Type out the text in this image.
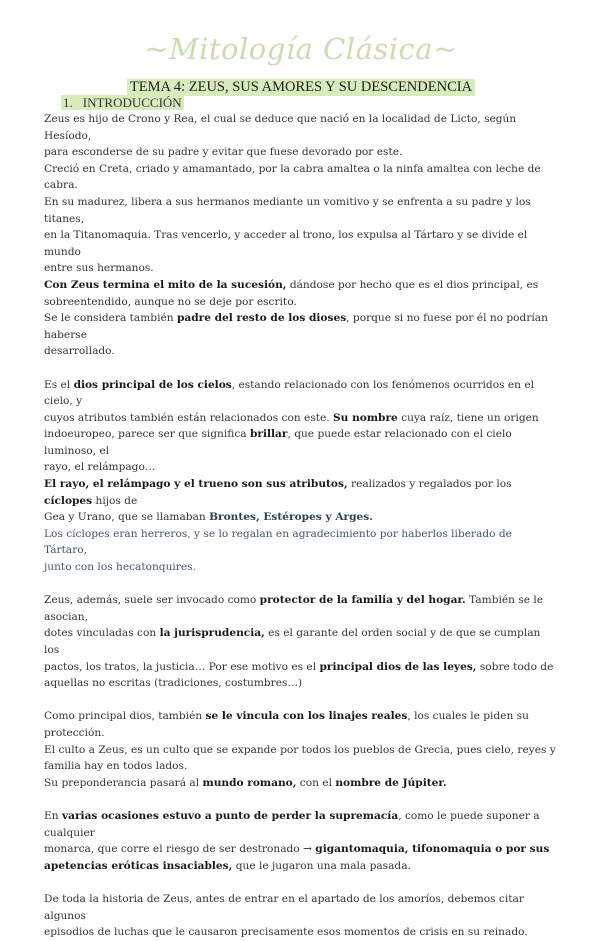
~Mitología Clásica~
TEMA 4: ZEUS, SUS AMORES Y SU DESCENDENCIA
1. INTRODUCCIÓN

Zeus es hijo de Crono y Rea, el cual se deduce que nació en la localidad de Licto, según Hesíodo,

para esconderse de su padre y evitar que fuese devorado por este.

Creció en Creta, criado y amamantado, por la cabra amaltea o la ninfa amaltea con leche de cabra.

En su madurez, libera a sus hermanos mediante un vomitivo y se enfrenta a su padre y los titanes,

en la Titanomaquia. Tras vencerlo, y acceder al trono, los expulsa al Tártaro y se divide el mundo

entre sus hermanos.

Con Zeus termina el mito de la sucesión, dándose por hecho que es el dios principal, es

sobreentendido, aunque no se deje por escrito.

Se le considera también padre del resto de los dioses, porque si no fuese por él no podrían haberse

desarrollado.

Es el dios principal de los cielos, estando relacionado con los fenómenos ocurridos en el cielo, y

cuyos atributos también están relacionados con este. Su nombre cuya raíz, tiene un origen

indoeuropeo, parece ser que significa brillar, que puede estar relacionado con el cielo luminoso, el

rayo, el relámpago…

El rayo, el relámpago y el trueno son sus atributos, realizados y regalados por los cíclopes hijos de

Gea y Urano, que se llamaban Brontes, Estéropes y Arges.

Los cíclopes eran herreros, y se lo regalan en agradecimiento por haberlos liberado de Tártaro,

junto con los hecatonquires.

Zeus, además, suele ser invocado como protector de la familia y del hogar. También se le asocian,

dotes vinculadas con la jurisprudencia, es el garante del orden social y de que se cumplan los

pactos, los tratos, la justicia… Por ese motivo es el principal dios de las leyes, sobre todo de

aquellas no escritas (tradiciones, costumbres…)

Como principal dios, también se le vincula con los linajes reales, los cuales le piden su protección.

El culto a Zeus, es un culto que se expande por todos los pueblos de Grecia, pues cielo, reyes y

familia hay en todos lados.

Su preponderancia pasará al mundo romano, con el nombre de Júpiter.

En varias ocasiones estuvo a punto de perder la supremacía, como le puede suponer a cualquier

monarca, que corre el riesgo de ser destronado → gigantomaquia, tifonomaquia o por sus

apetencias eróticas insaciables, que le jugaron una mala pasada.

De toda la historia de Zeus, antes de entrar en el apartado de los amoríos, debemos citar algunos

episodios de luchas que le causaron precisamente esos momentos de crisis en su reinado.
